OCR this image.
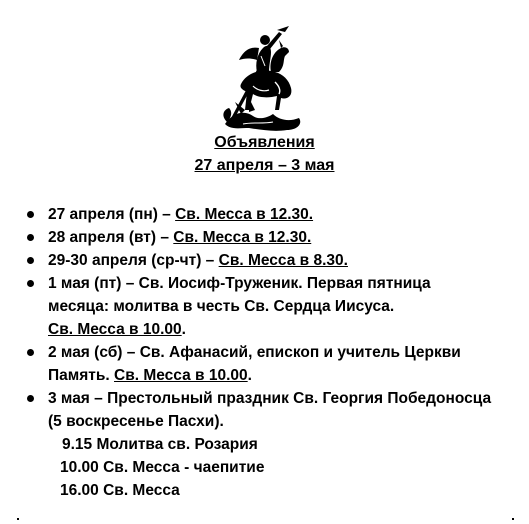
Объявления
27 апреля – 3 мая
27 апреля (пн) – Св. Месса в 12.30.
28 апреля (вт) – Св. Месса в 12.30.
29-30 апреля (ср-чт) – Св. Месса в 8.30.
1 мая (пт) – Св. Иосиф-Труженик. Первая пятница
месяца: молитва в честь Св. Сердца Иисуса.
Св. Месса в 10.00.
2 мая (сб) – Св. Афанасий, епископ и учитель Церкви
Память. Св. Месса в 10.00.
3 мая – Престольный праздник Св. Георгия Победоносца
(5 воскресенье Пасхи).
9.15 Молитва св. Розария
10.00 Св. Месса - чаепитие
16.00 Св. Месса
